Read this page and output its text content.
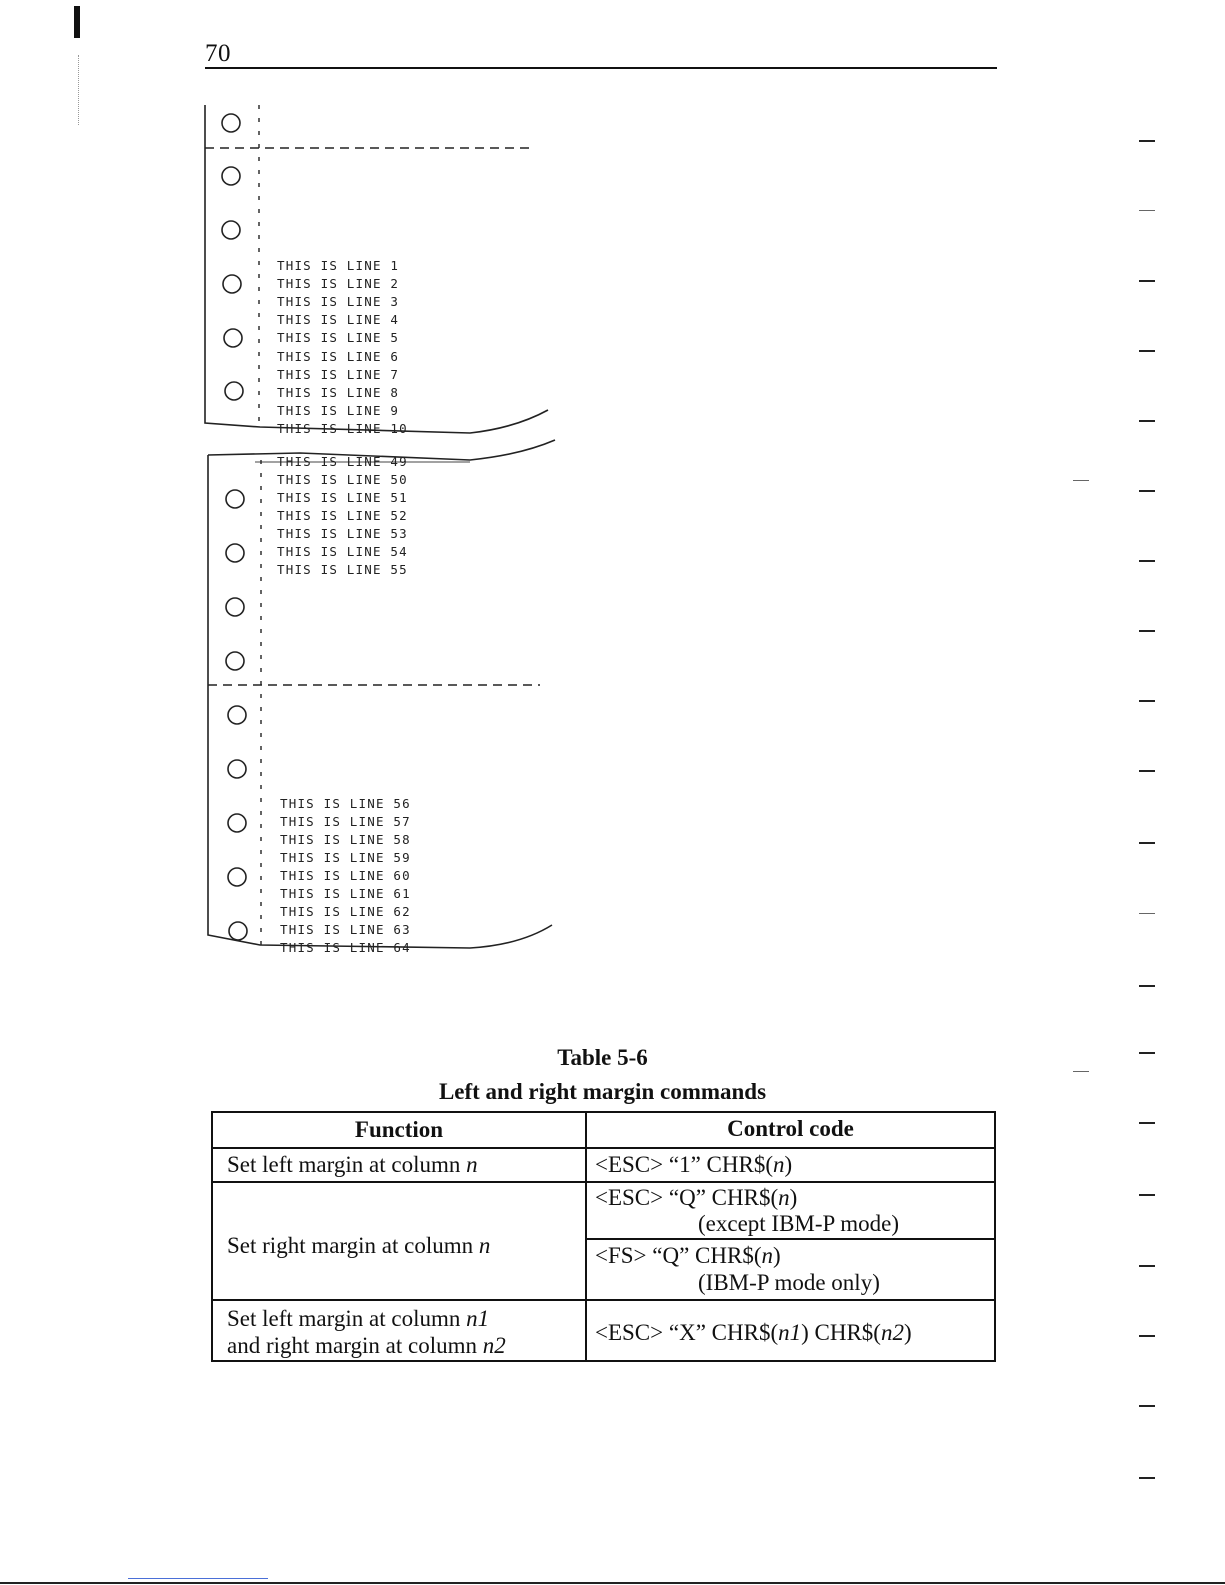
70
THIS IS LINE 1
THIS IS LINE 2
THIS IS LINE 3
THIS IS LINE 4
THIS IS LINE 5
THIS IS LINE 6
THIS IS LINE 7
THIS IS LINE 8
THIS IS LINE 9
THIS IS LINE 10
THIS IS LINE 49
THIS IS LINE 50
THIS IS LINE 51
THIS IS LINE 52
THIS IS LINE 53
THIS IS LINE 54
THIS IS LINE 55
THIS IS LINE 56
THIS IS LINE 57
THIS IS LINE 58
THIS IS LINE 59
THIS IS LINE 60
THIS IS LINE 61
THIS IS LINE 62
THIS IS LINE 63
THIS IS LINE 64
Table 5-6
Left and right margin commands
Function	Control code
Set left margin at column n	<ESC> “1” CHR$(n)
Set right margin at column n
<ESC> “Q” CHR$(n)
(except IBM-P mode)
<FS> “Q” CHR$(n)
(IBM-P mode only)
Set left margin at column n1
and right margin at column n2
<ESC> “X” CHR$(n1) CHR$(n2)
